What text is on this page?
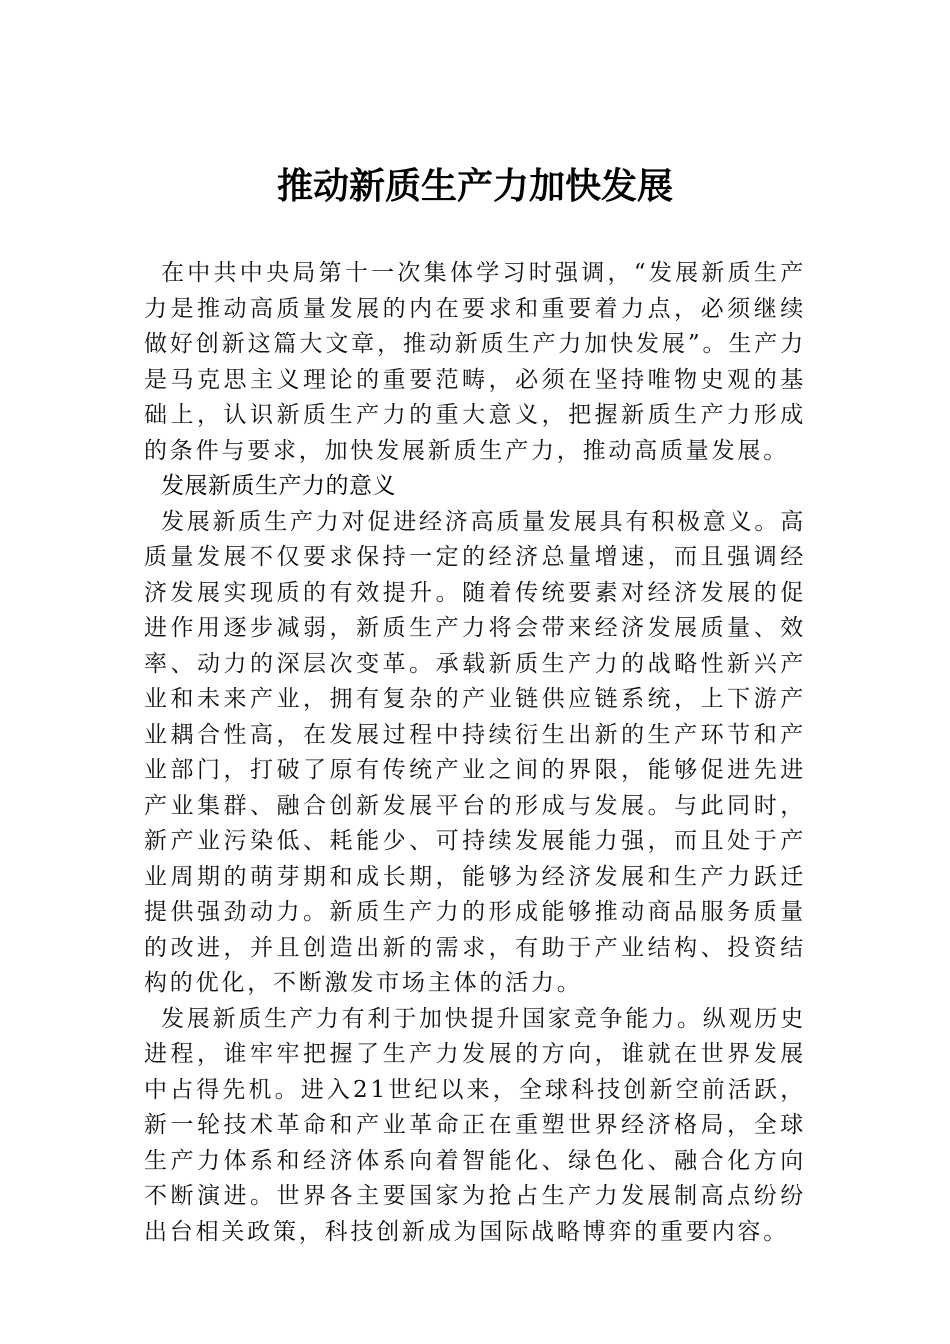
推动新质生产力加快发展

在中共中央局第十一次集体学习时强调，“发展新质生产力是推动高质量发展的内在要求和重要着力点，必须继续做好创新这篇大文章，推动新质生产力加快发展”。生产力是马克思主义理论的重要范畴，必须在坚持唯物史观的基础上，认识新质生产力的重大意义，把握新质生产力形成的条件与要求，加快发展新质生产力，推动高质量发展。

发展新质生产力的意义

发展新质生产力对促进经济高质量发展具有积极意义。高质量发展不仅要求保持一定的经济总量增速，而且强调经济发展实现质的有效提升。随着传统要素对经济发展的促进作用逐步减弱，新质生产力将会带来经济发展质量、效率、动力的深层次变革。承载新质生产力的战略性新兴产业和未来产业，拥有复杂的产业链供应链系统，上下游产业耦合性高，在发展过程中持续衍生出新的生产环节和产业部门，打破了原有传统产业之间的界限，能够促进先进产业集群、融合创新发展平台的形成与发展。与此同时，新产业污染低、耗能少、可持续发展能力强，而且处于产业周期的萌芽期和成长期，能够为经济发展和生产力跃迁提供强劲动力。新质生产力的形成能够推动商品服务质量的改进，并且创造出新的需求，有助于产业结构、投资结构的优化，不断激发市场主体的活力。

发展新质生产力有利于加快提升国家竞争能力。纵观历史进程，谁牢牢把握了生产力发展的方向，谁就在世界发展中占得先机。进入21世纪以来，全球科技创新空前活跃，新一轮技术革命和产业革命正在重塑世界经济格局，全球生产力体系和经济体系向着智能化、绿色化、融合化方向不断演进。世界各主要国家为抢占生产力发展制高点纷纷出台相关政策，科技创新成为国际战略博弈的重要内容。
